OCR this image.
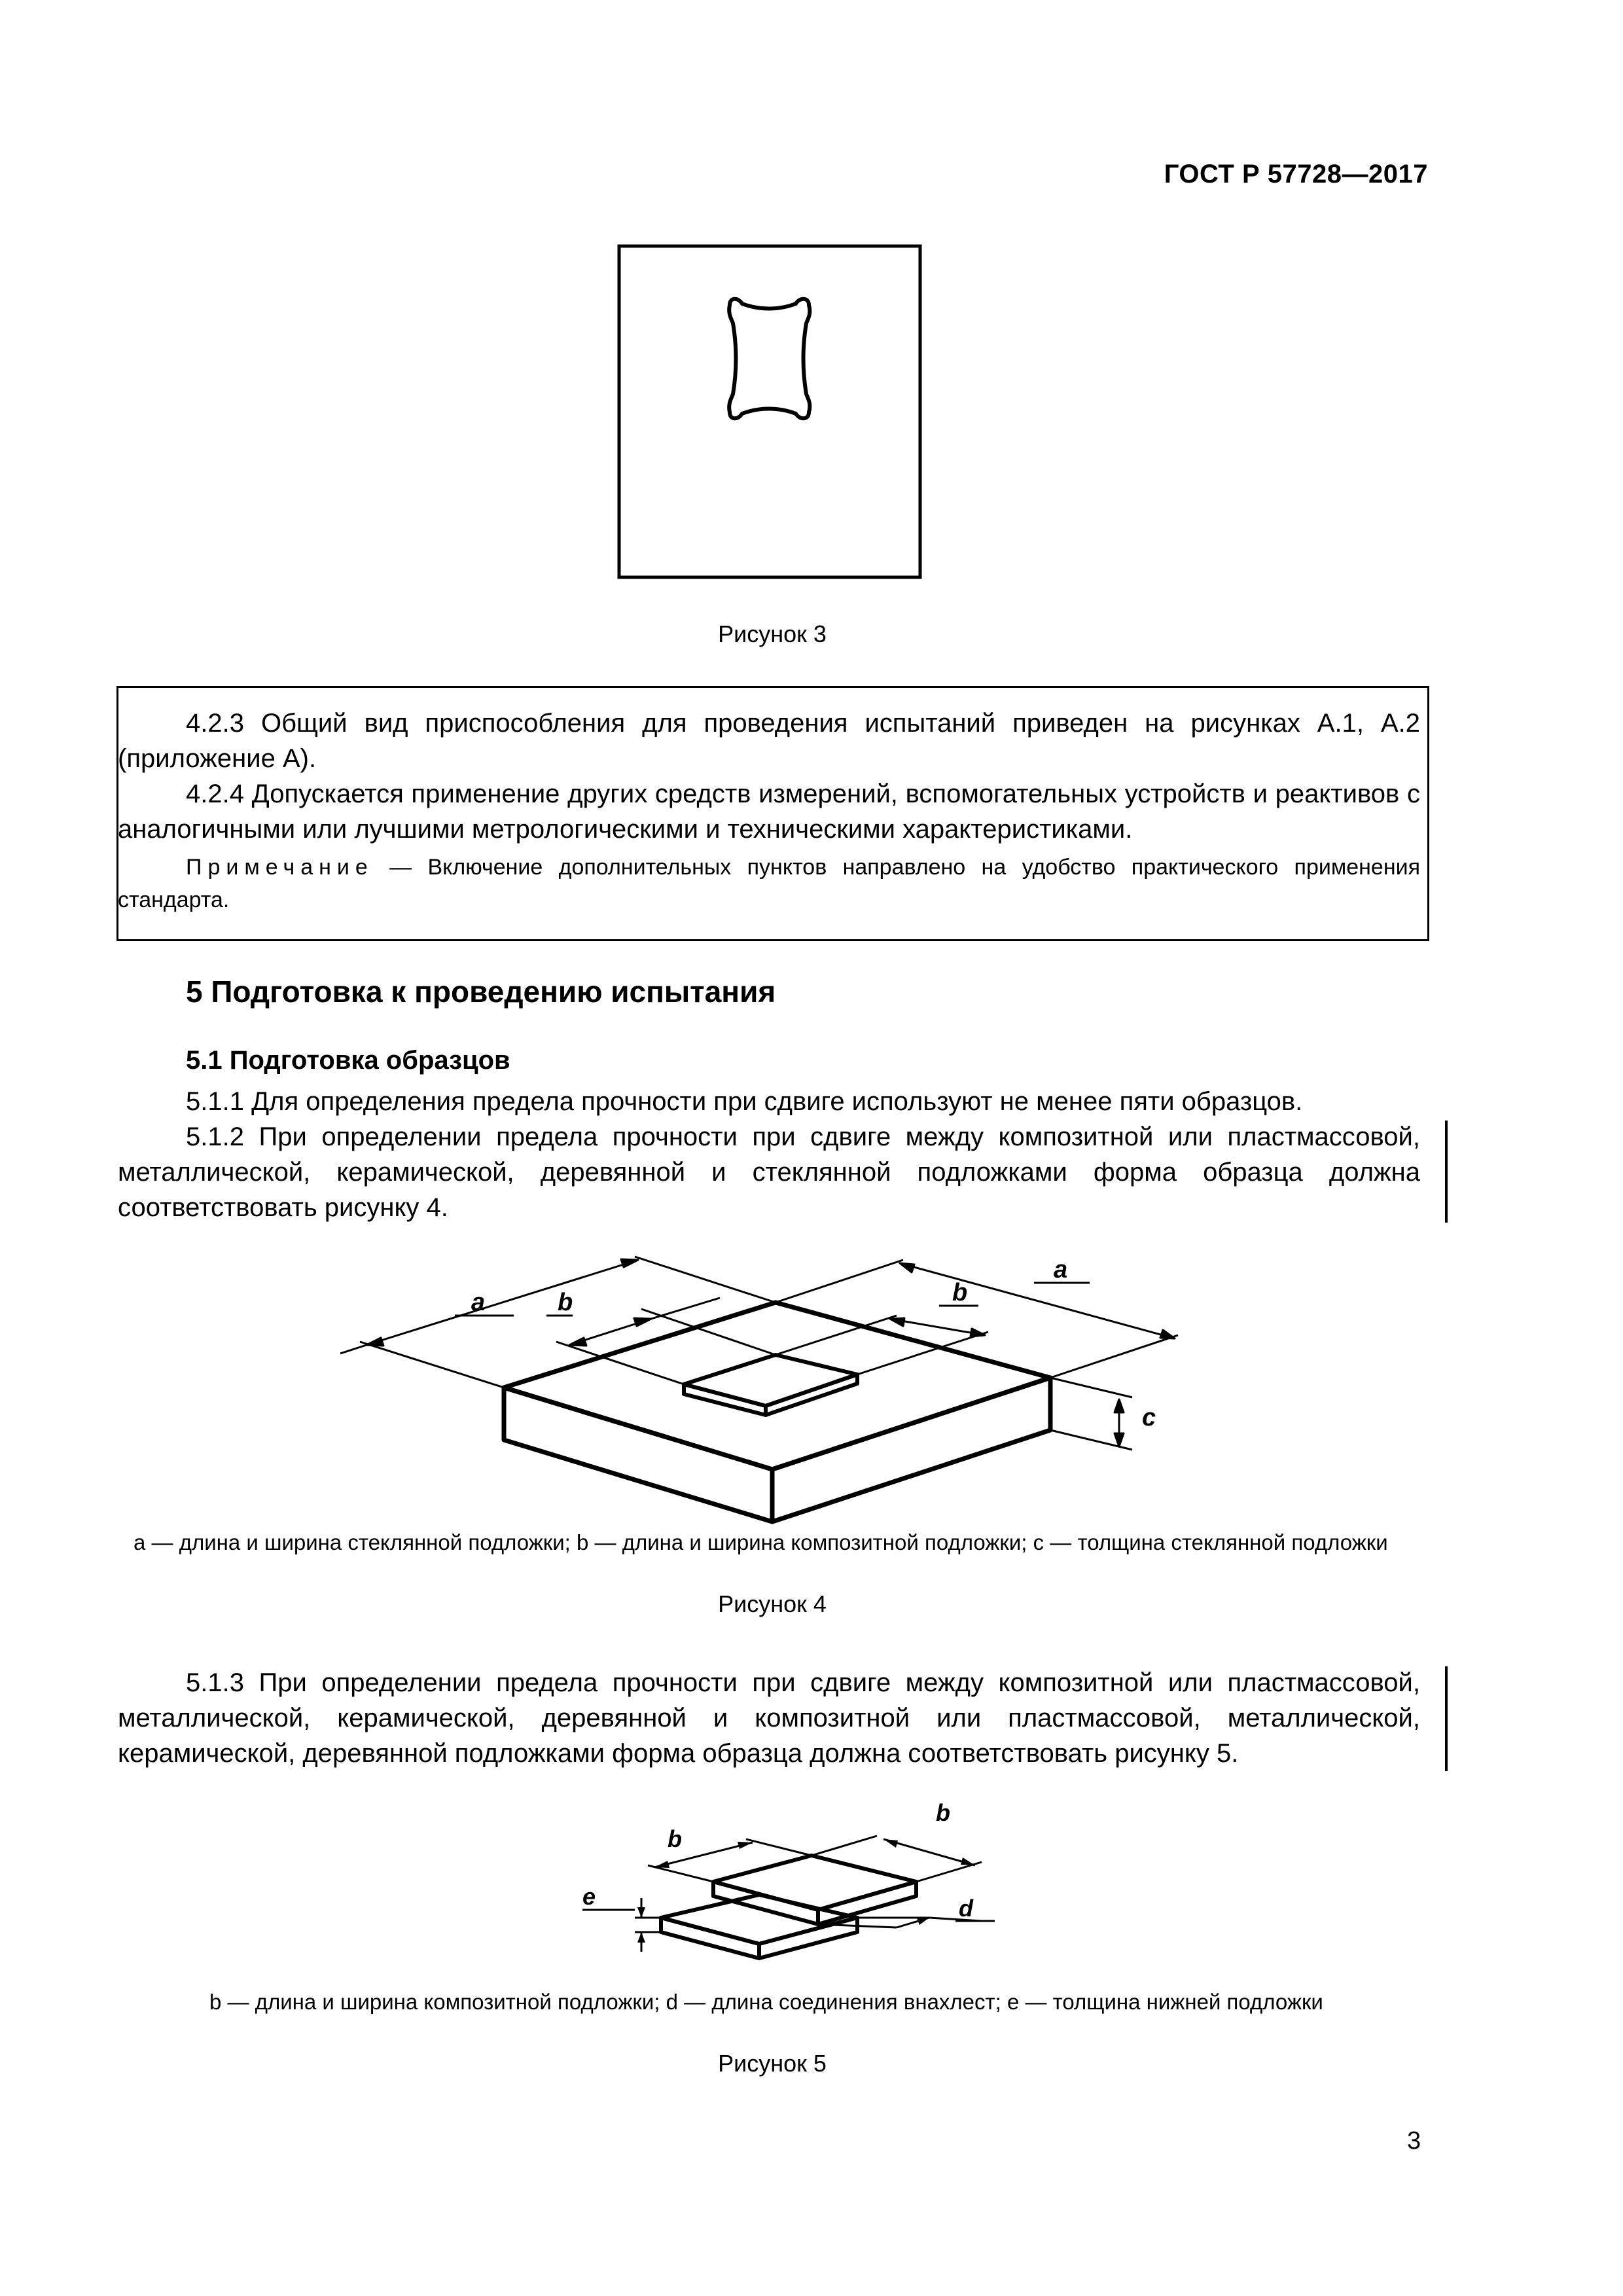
ГОСТ Р 57728—2017
Рисунок 3
4.2.3 Общий вид приспособления для проведения испытаний приведен на рисунках А.1, А.2 (приложение А).
4.2.4 Допускается применение других средств измерений, вспомогательных устройств и реактивов с аналогичными или лучшими метрологическими и техническими характеристиками.
Примечание — Включение дополнительных пунктов направлено на удобство практического применения стандарта.
5 Подготовка к проведению испытания
5.1 Подготовка образцов
5.1.1 Для определения предела прочности при сдвиге используют не менее пяти образцов.
5.1.2 При определении предела прочности при сдвиге между композитной или пластмассовой, металлической, керамической, деревянной и стеклянной подложками форма образца должна соответствовать рисунку 4.
a
a
b	b
c
a — длина и ширина стеклянной подложки; b — длина и ширина композитной подложки; c — толщина стеклянной подложки
Рисунок 4
5.1.3 При определении предела прочности при сдвиге между композитной или пластмассовой, металлической, керамической, деревянной и композитной или пластмассовой, металлической, керамической, деревянной подложками форма образца должна соответствовать рисунку 5.
b
b
e	d
b — длина и ширина композитной подложки; d — длина соединения внахлест; e — толщина нижней подложки
Рисунок 5
3
